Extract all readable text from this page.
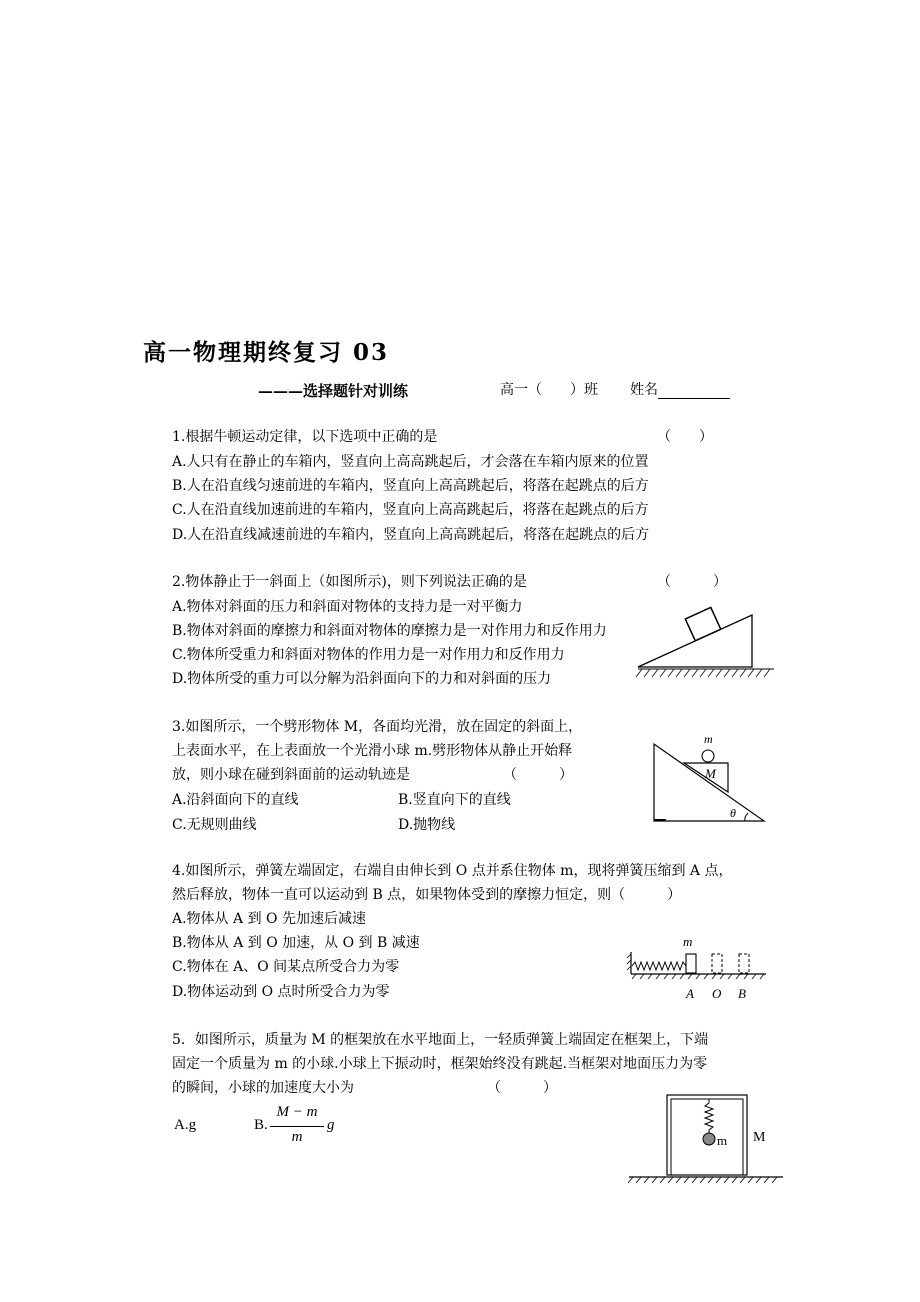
高一物理期终复习 03
———选择题针对训练	高一（　　）班 姓名
1.根据牛顿运动定律，以下选项中正确的是	（　　）
A.人只有在静止的车箱内，竖直向上高高跳起后，才会落在车箱内原来的位置
B.人在沿直线匀速前进的车箱内，竖直向上高高跳起后，将落在起跳点的后方
C.人在沿直线加速前进的车箱内，竖直向上高高跳起后，将落在起跳点的后方
D.人在沿直线减速前进的车箱内，竖直向上高高跳起后，将落在起跳点的后方
2.物体静止于一斜面上（如图所示)，则下列说法正确的是	（　　　）
A.物体对斜面的压力和斜面对物体的支持力是一对平衡力
B.物体对斜面的摩擦力和斜面对物体的摩擦力是一对作用力和反作用力
C.物体所受重力和斜面对物体的作用力是一对作用力和反作用力
D.物体所受的重力可以分解为沿斜面向下的力和对斜面的压力
3.如图所示，一个劈形物体 M，各面均光滑，放在固定的斜面上，
上表面水平，在上表面放一个光滑小球 m.劈形物体从静止开始释
放，则小球在碰到斜面前的运动轨迹是	（　　　）
A.沿斜面向下的直线	B.竖直向下的直线
C.无规则曲线	D.抛物线
m
M
θ
4.如图所示，弹簧左端固定，右端自由伸长到 O 点并系住物体 m，现将弹簧压缩到 A 点，
然后释放，物体一直可以运动到 B 点，如果物体受到的摩擦力恒定，则（　　　）
A.物体从 A 到 O 先加速后减速
B.物体从 A 到 O 加速，从 O 到 B 减速
C.物体在 A、O 间某点所受合力为零
D.物体运动到 O 点时所受合力为零
m
A O B
5．如图所示，质量为 M 的框架放在水平地面上，一轻质弹簧上端固定在框架上，下端
固定一个质量为 m 的小球.小球上下振动时，框架始终没有跳起.当框架对地面压力为零
的瞬间，小球的加速度大小为	（　　　）
A.g	B.
M − m
m
g
m M
